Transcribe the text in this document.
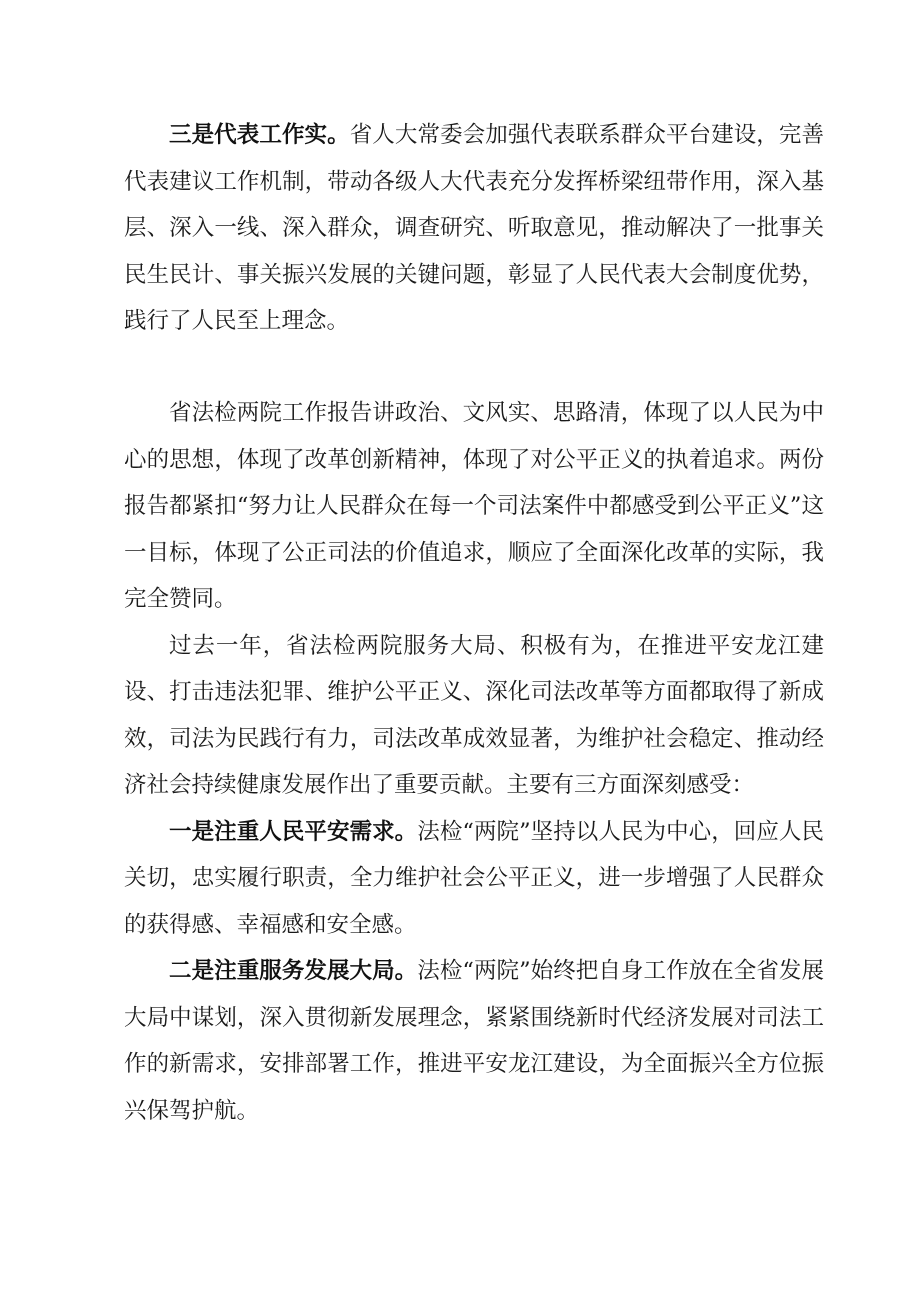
三是代表工作实。省人大常委会加强代表联系群众平台建设，完善代表建议工作机制，带动各级人大代表充分发挥桥梁纽带作用，深入基层、深入一线、深入群众，调查研究、听取意见，推动解决了一批事关民生民计、事关振兴发展的关键问题，彰显了人民代表大会制度优势，践行了人民至上理念。

省法检两院工作报告讲政治、文风实、思路清，体现了以人民为中心的思想，体现了改革创新精神，体现了对公平正义的执着追求。两份报告都紧扣“努力让人民群众在每一个司法案件中都感受到公平正义”这一目标，体现了公正司法的价值追求，顺应了全面深化改革的实际，我完全赞同。

过去一年，省法检两院服务大局、积极有为，在推进平安龙江建设、打击违法犯罪、维护公平正义、深化司法改革等方面都取得了新成效，司法为民践行有力，司法改革成效显著，为维护社会稳定、推动经济社会持续健康发展作出了重要贡献。主要有三方面深刻感受：

一是注重人民平安需求。法检“两院”坚持以人民为中心，回应人民关切，忠实履行职责，全力维护社会公平正义，进一步增强了人民群众的获得感、幸福感和安全感。

二是注重服务发展大局。法检“两院”始终把自身工作放在全省发展大局中谋划，深入贯彻新发展理念，紧紧围绕新时代经济发展对司法工作的新需求，安排部署工作，推进平安龙江建设，为全面振兴全方位振兴保驾护航。
